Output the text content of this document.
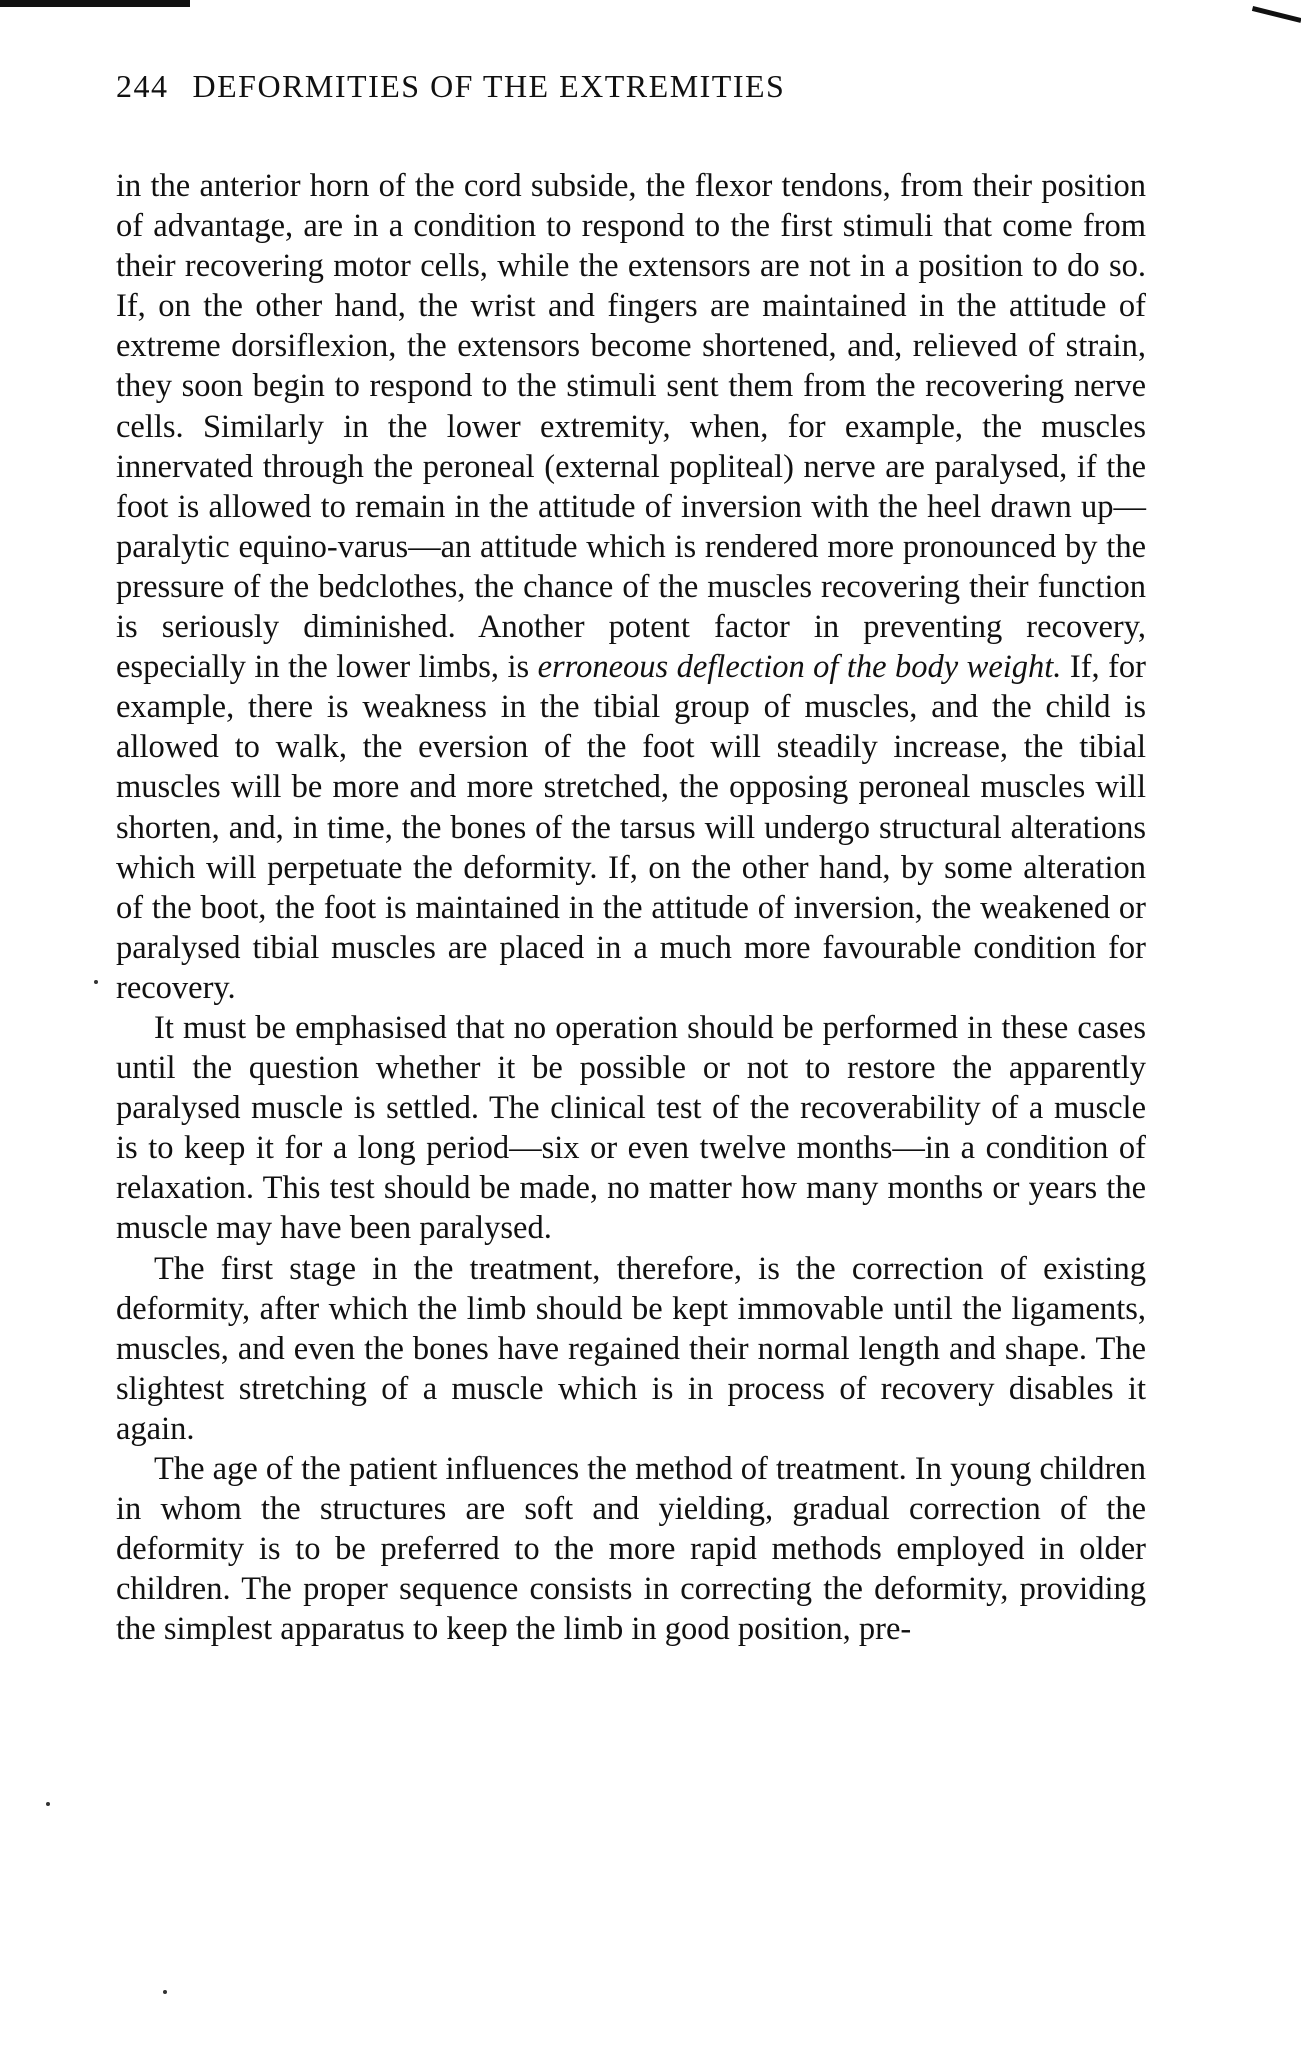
244 DEFORMITIES OF THE EXTREMITIES

in the anterior horn of the cord subside, the flexor tendons, from their position of advantage, are in a condition to respond to the first stimuli that come from their recovering motor cells, while the extensors are not in a position to do so. If, on the other hand, the wrist and fingers are maintained in the attitude of extreme dorsiflexion, the extensors become shortened, and, relieved of strain, they soon begin to respond to the stimuli sent them from the recovering nerve cells. Similarly in the lower extremity, when, for example, the muscles innervated through the peroneal (external popliteal) nerve are paralysed, if the foot is allowed to remain in the attitude of inversion with the heel drawn up—paralytic equino-varus—an attitude which is rendered more pronounced by the pressure of the bedclothes, the chance of the muscles recovering their function is seriously diminished. Another potent factor in preventing recovery, especially in the lower limbs, is erroneous deflection of the body weight. If, for example, there is weakness in the tibial group of muscles, and the child is allowed to walk, the eversion of the foot will steadily increase, the tibial muscles will be more and more stretched, the opposing peroneal muscles will shorten, and, in time, the bones of the tarsus will undergo structural alterations which will perpetuate the deformity. If, on the other hand, by some alteration of the boot, the foot is maintained in the attitude of inversion, the weakened or paralysed tibial muscles are placed in a much more favourable condition for recovery.

It must be emphasised that no operation should be performed in these cases until the question whether it be possible or not to restore the apparently paralysed muscle is settled. The clinical test of the recoverability of a muscle is to keep it for a long period—six or even twelve months—in a condition of relaxation. This test should be made, no matter how many months or years the muscle may have been paralysed.

The first stage in the treatment, therefore, is the correction of existing deformity, after which the limb should be kept immovable until the ligaments, muscles, and even the bones have regained their normal length and shape. The slightest stretching of a muscle which is in process of recovery disables it again.

The age of the patient influences the method of treatment. In young children in whom the structures are soft and yielding, gradual correction of the deformity is to be preferred to the more rapid methods employed in older children. The proper sequence consists in correcting the deformity, providing the simplest apparatus to keep the limb in good position, pre-
